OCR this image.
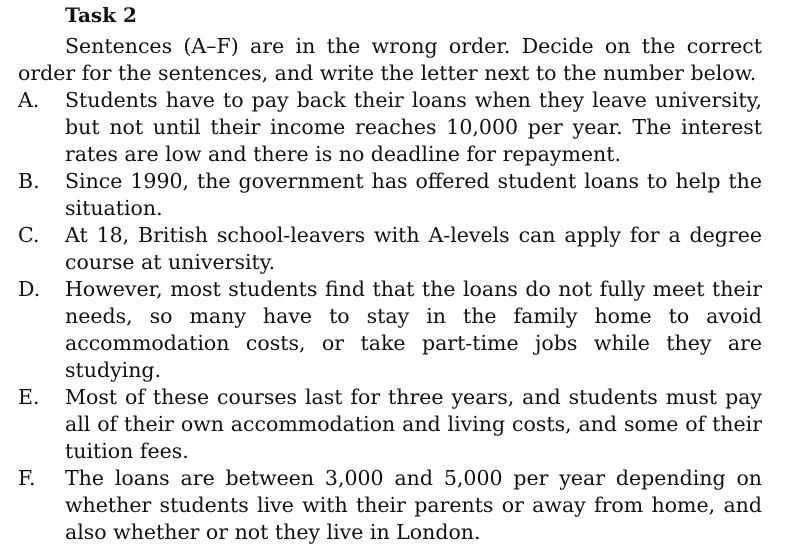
Task 2

Sentences (A–F) are in the wrong order. Decide on the correct order for the sentences, and write the letter next to the number below.

A.	Students have to pay back their loans when they leave university, but not until their income reaches 10,000 per year. The interest rates are low and there is no deadline for repayment.
B.	Since 1990, the government has offered student loans to help the situation.
C.	At 18, British school-leavers with A-levels can apply for a degree course at university.
D.	However, most students find that the loans do not fully meet their needs, so many have to stay in the family home to avoid accommodation costs, or take part-time jobs while they are studying.
E.	Most of these courses last for three years, and students must pay all of their own accommodation and living costs, and some of their tuition fees.
F.	The loans are between 3,000 and 5,000 per year depending on whether students live with their parents or away from home, and also whether or not they live in London.
